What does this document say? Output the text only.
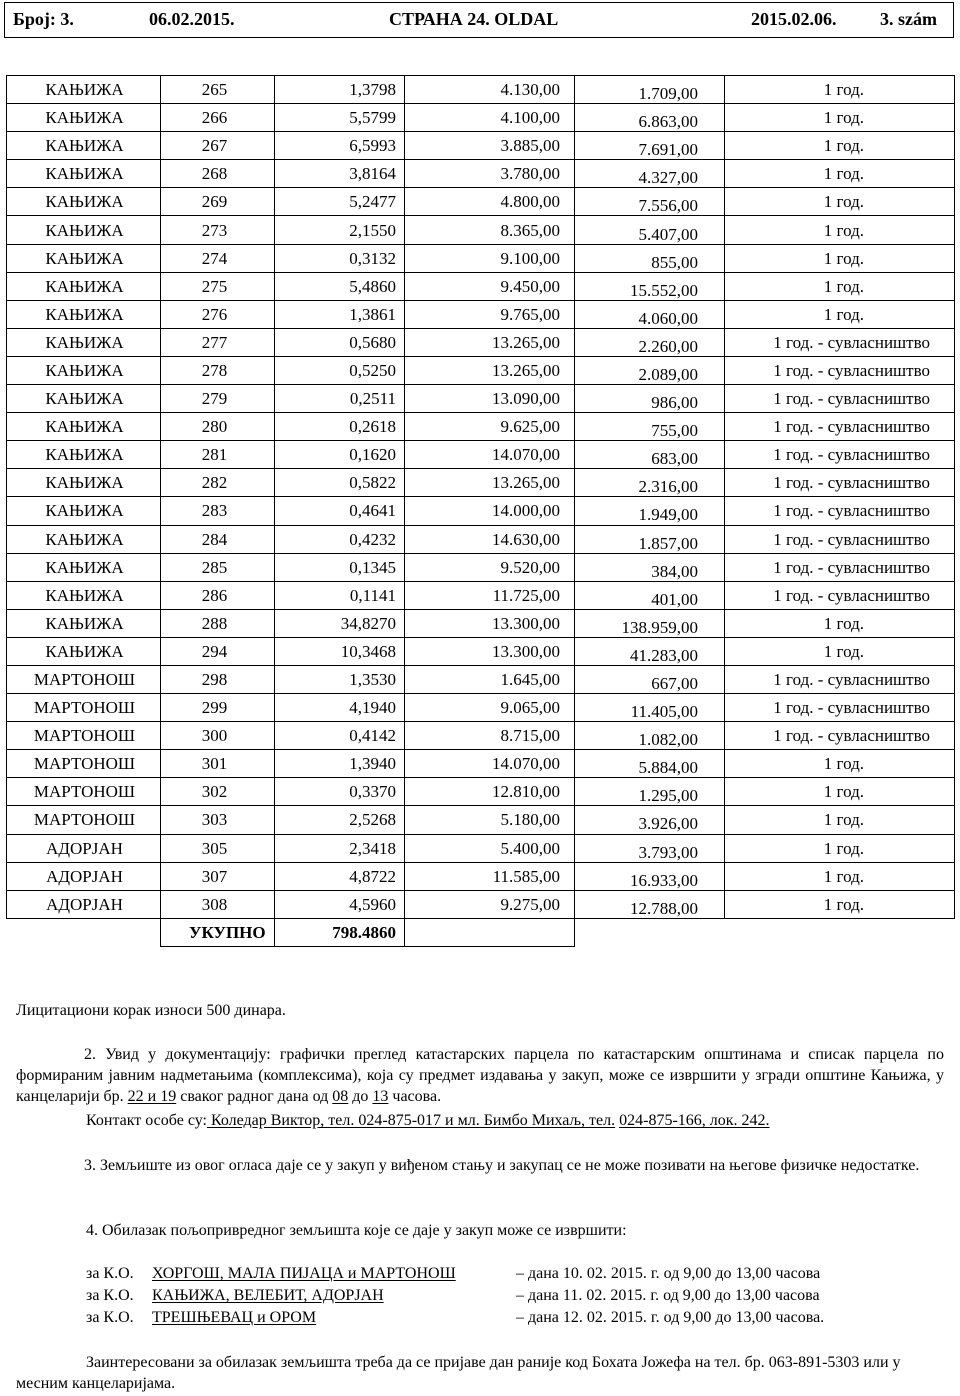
Број: 3.	06.02.2015.	СТРАНА 24. OLDAL	2015.02.06. 3. szám
КАЊИЖА	265	1,3798	4.130,00	1.709,00	1 год.
КАЊИЖА	266	5,5799	4.100,00	6.863,00	1 год.
КАЊИЖА	267	6,5993	3.885,00	7.691,00	1 год.
КАЊИЖА	268	3,8164	3.780,00	4.327,00	1 год.
КАЊИЖА	269	5,2477	4.800,00	7.556,00	1 год.
КАЊИЖА	273	2,1550	8.365,00	5.407,00	1 год.
КАЊИЖА	274	0,3132	9.100,00	855,00	1 год.
КАЊИЖА	275	5,4860	9.450,00	15.552,00	1 год.
КАЊИЖА	276	1,3861	9.765,00	4.060,00	1 год.
КАЊИЖА	277	0,5680	13.265,00	2.260,00	1 год. - сувласништво
КАЊИЖА	278	0,5250	13.265,00	2.089,00	1 год. - сувласништво
КАЊИЖА	279	0,2511	13.090,00	986,00	1 год. - сувласништво
КАЊИЖА	280	0,2618	9.625,00	755,00	1 год. - сувласништво
КАЊИЖА	281	0,1620	14.070,00	683,00	1 год. - сувласништво
КАЊИЖА	282	0,5822	13.265,00	2.316,00	1 год. - сувласништво
КАЊИЖА	283	0,4641	14.000,00	1.949,00	1 год. - сувласништво
КАЊИЖА	284	0,4232	14.630,00	1.857,00	1 год. - сувласништво
КАЊИЖА	285	0,1345	9.520,00	384,00	1 год. - сувласништво
КАЊИЖА	286	0,1141	11.725,00	401,00	1 год. - сувласништво
КАЊИЖА	288	34,8270	13.300,00	138.959,00	1 год.
КАЊИЖА	294	10,3468	13.300,00	41.283,00	1 год.
МАРТОНОШ	298	1,3530	1.645,00	667,00	1 год. - сувласништво
МАРТОНОШ	299	4,1940	9.065,00	11.405,00	1 год. - сувласништво
МАРТОНОШ	300	0,4142	8.715,00	1.082,00	1 год. - сувласништво
МАРТОНОШ	301	1,3940	14.070,00	5.884,00	1 год.
МАРТОНОШ	302	0,3370	12.810,00	1.295,00	1 год.
МАРТОНОШ	303	2,5268	5.180,00	3.926,00	1 год.
АДОРЈАН	305	2,3418	5.400,00	3.793,00	1 год.
АДОРЈАН	307	4,8722	11.585,00	16.933,00	1 год.
АДОРЈАН	308	4,5960	9.275,00	12.788,00	1 год.
	УКУПНО	798.4860			
Лицитациони корак износи 500 динара.
2. Увид у документацију: графички преглед катастарских парцела по катастарским општинама и списак парцела по формираним јавним надметањима (комплексима), која су предмет издавања у закуп, може се извршити у згради општине Кањижа, у канцеларији бр. 22 и 19 сваког радног дана од 08 до 13 часова.
Контакт особе су: Коледар Виктор, тел. 024-875-017 и мл. Бимбо Михаљ, тел. 024-875-166, лок. 242.
3. Земљиште из овог огласа даје се у закуп у виђеном стању и закупац се не може позивати на његове физичке недостатке.
4. Обилазак пољопривредног земљишта које се даје у закуп може се извршити:
за К.О. ХОРГОШ, МАЛА ПИЈАЦА и МАРТОНОШ	– дана 10. 02. 2015. г. од 9,00 до 13,00 часова
за К.О. КАЊИЖА, ВЕЛЕБИТ, АДОРЈАН	– дана 11. 02. 2015. г. од 9,00 до 13,00 часова
за К.О. ТРЕШЊЕВАЦ и ОРОМ	– дана 12. 02. 2015. г. од 9,00 до 13,00 часова.
Заинтересовани за обилазак земљишта треба да се пријаве дан раније код Бохата Јожефа на тел. бр. 063-891-5303 или у месним канцеларијама.
